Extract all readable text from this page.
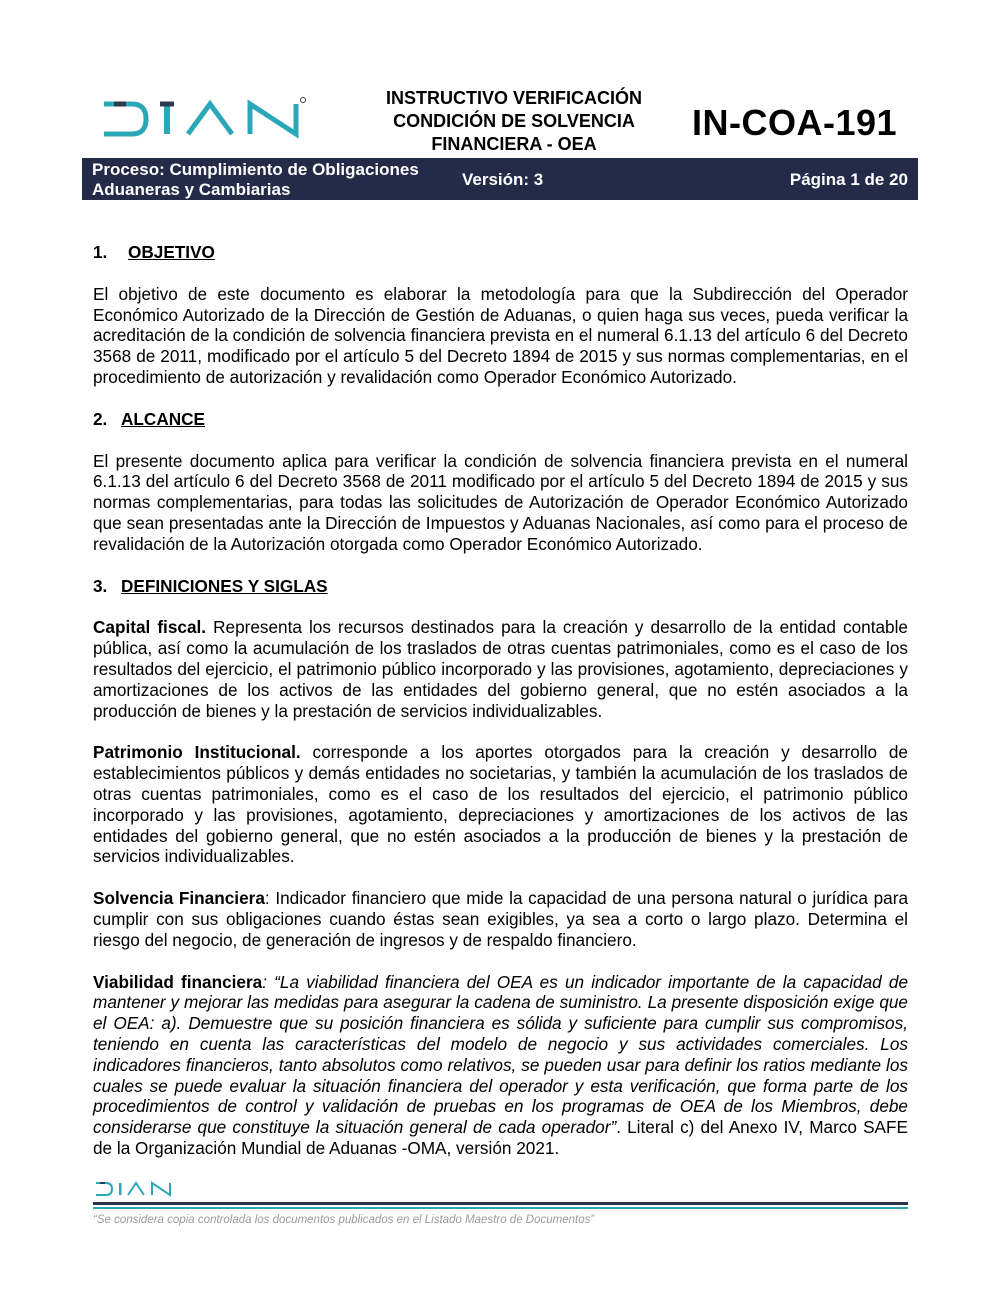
INSTRUCTIVO VERIFICACIÓN
CONDICIÓN DE SOLVENCIA
FINANCIERA - OEA
IN-COA-191
Proceso: Cumplimiento de Obligaciones
Aduaneras y Cambiarias
Versión: 3	Página 1 de 20
1. OBJETIVO

El objetivo de este documento es elaborar la metodología para que la Subdirección del Operador Económico Autorizado de la Dirección de Gestión de Aduanas, o quien haga sus veces, pueda verificar la acreditación de la condición de solvencia financiera prevista en el numeral 6.1.13 del artículo 6 del Decreto 3568 de 2011, modificado por el artículo 5 del Decreto 1894 de 2015 y sus normas complementarias, en el procedimiento de autorización y revalidación como Operador Económico Autorizado.

2. ALCANCE

El presente documento aplica para verificar la condición de solvencia financiera prevista en el numeral 6.1.13 del artículo 6 del Decreto 3568 de 2011 modificado por el artículo 5 del Decreto 1894 de 2015 y sus normas complementarias, para todas las solicitudes de Autorización de Operador Económico Autorizado que sean presentadas ante la Dirección de Impuestos y Aduanas Nacionales, así como para el proceso de revalidación de la Autorización otorgada como Operador Económico Autorizado.

3. DEFINICIONES Y SIGLAS

Capital fiscal. Representa los recursos destinados para la creación y desarrollo de la entidad contable pública, así como la acumulación de los traslados de otras cuentas patrimoniales, como es el caso de los resultados del ejercicio, el patrimonio público incorporado y las provisiones, agotamiento, depreciaciones y amortizaciones de los activos de las entidades del gobierno general, que no estén asociados a la producción de bienes y la prestación de servicios individualizables.

Patrimonio Institucional. corresponde a los aportes otorgados para la creación y desarrollo de establecimientos públicos y demás entidades no societarias, y también la acumulación de los traslados de otras cuentas patrimoniales, como es el caso de los resultados del ejercicio, el patrimonio público incorporado y las provisiones, agotamiento, depreciaciones y amortizaciones de los activos de las entidades del gobierno general, que no estén asociados a la producción de bienes y la prestación de servicios individualizables.

Solvencia Financiera: Indicador financiero que mide la capacidad de una persona natural o jurídica para cumplir con sus obligaciones cuando éstas sean exigibles, ya sea a corto o largo plazo. Determina el riesgo del negocio, de generación de ingresos y de respaldo financiero.

Viabilidad financiera: “La viabilidad financiera del OEA es un indicador importante de la capacidad de mantener y mejorar las medidas para asegurar la cadena de suministro. La presente disposición exige que el OEA: a). Demuestre que su posición financiera es sólida y suficiente para cumplir sus compromisos, teniendo en cuenta las características del modelo de negocio y sus actividades comerciales. Los indicadores financieros, tanto absolutos como relativos, se pueden usar para definir los ratios mediante los cuales se puede evaluar la situación financiera del operador y esta verificación, que forma parte de los procedimientos de control y validación de pruebas en los programas de OEA de los Miembros, debe considerarse que constituye la situación general de cada operador”. Literal c) del Anexo IV, Marco SAFE de la Organización Mundial de Aduanas -OMA, versión 2021.

“Se considera copia controlada los documentos publicados en el Listado Maestro de Documentos”
